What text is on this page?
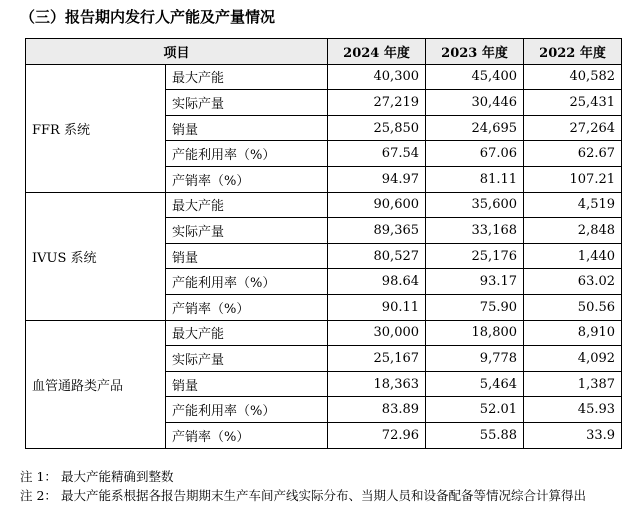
（三）报告期内发行人产能及产量情况
项目		2024 年度	2023 年度	2022 年度
FFR 系统	最大产能	40,300	45,400	40,582
	实际产量	27,219	30,446	25,431
	销量	25,850	24,695	27,264
	产能利用率（%）	67.54	67.06	62.67
	产销率（%）	94.97	81.11	107.21
IVUS 系统	最大产能	90,600	35,600	4,519
	实际产量	89,365	33,168	2,848
	销量	80,527	25,176	1,440
	产能利用率（%）	98.64	93.17	63.02
	产销率（%）	90.11	75.90	50.56
血管通路类产品	最大产能	30,000	18,800	8,910
	实际产量	25,167	9,778	4,092
	销量	18,363	5,464	1,387
	产能利用率（%）	83.89	52.01	45.93
	产销率（%）	72.96	55.88	33.9
注 1： 最大产能精确到整数
注 2： 最大产能系根据各报告期期末生产车间产线实际分布、当期人员和设备配备等情况综合计算得出
